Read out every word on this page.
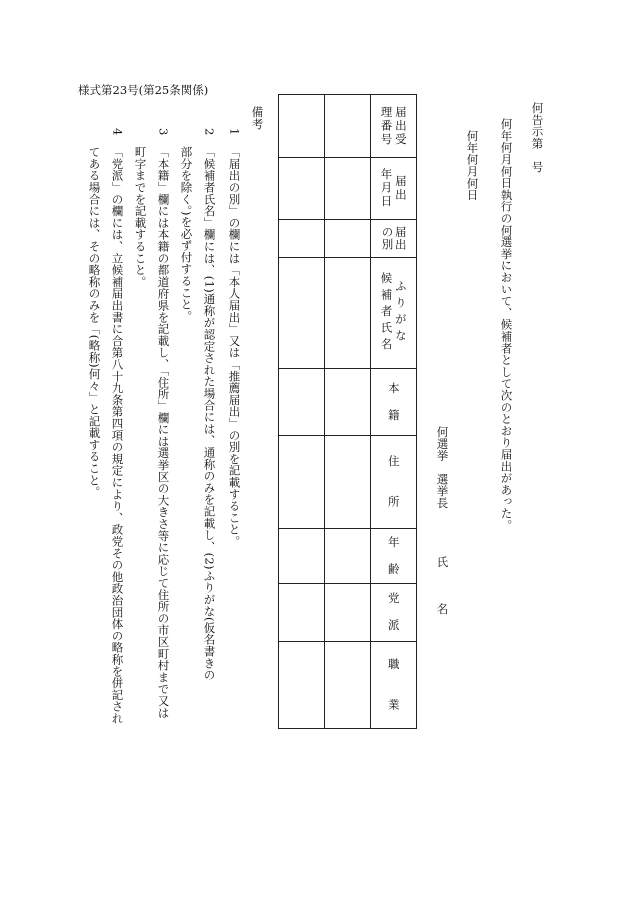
様式第23号(第25条関係)
何告示第　号
何年何月何日執行の何選挙において、候補者として次のとおり届出があった。
何年何月何日
何選挙　選挙長　　　　氏　　　名

		届出受
理番号

		届出
年月日

		届出
の別

		ふりがな
候補者氏名

		本　籍

		住　　所

		年　齢

		党　派

		職　　業
備考
1
「届出の別」の欄には「本人届出」又は「推薦届出」の別を記載すること。
2
「候補者氏名」欄には、(1)通称が認定された場合には、通称のみを記載し、(2)ふりがな(仮名書きの
部分を除く。)を必ず付すること。
3
「本籍」欄には本籍の都道府県を記載し、「住所」欄には選挙区の大きさ等に応じて住所の市区町村まで又は
町字までを記載すること。
4
「党派」の欄には、立候補届出書に合第八十九条第四項の規定により、政党その他政治団体の略称を併記され
てある場合には、その略称のみを「(略称)何々」と記載すること。
